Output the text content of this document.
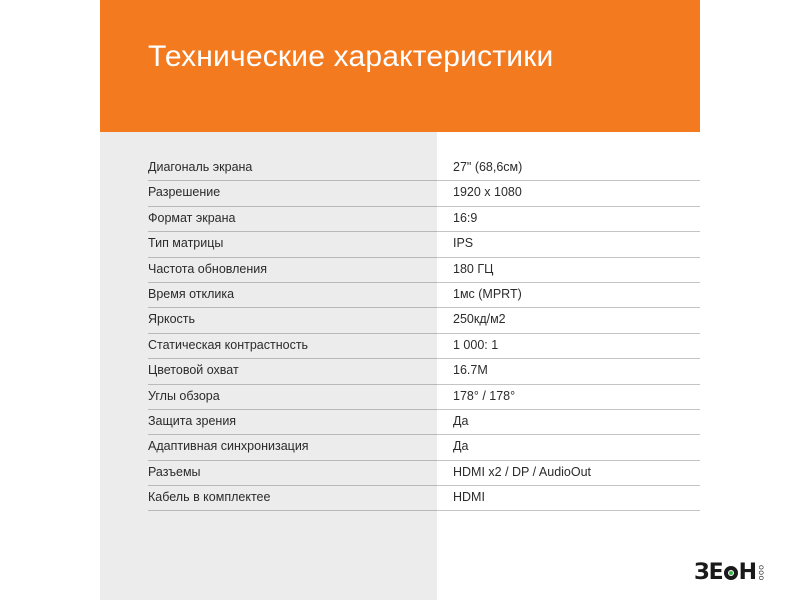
Технические характеристики
Диагональ экрана	27" (68,6см)
Разрешение	1920 x 1080
Формат экрана	16:9
Тип матрицы	IPS
Частота обновления	180 ГЦ
Время отклика	1мс (MPRT)
Яркость	250кд/м2
Статическая контрастность	1 000: 1
Цветовой охват	16.7M
Углы обзора	178° / 178°
Защита зрения	Да
Адаптивная синхронизация	Да
Разъемы	HDMI x2 / DP / AudioOut
Кабель в комплектее	HDMI
ЗЕ Н ООО
